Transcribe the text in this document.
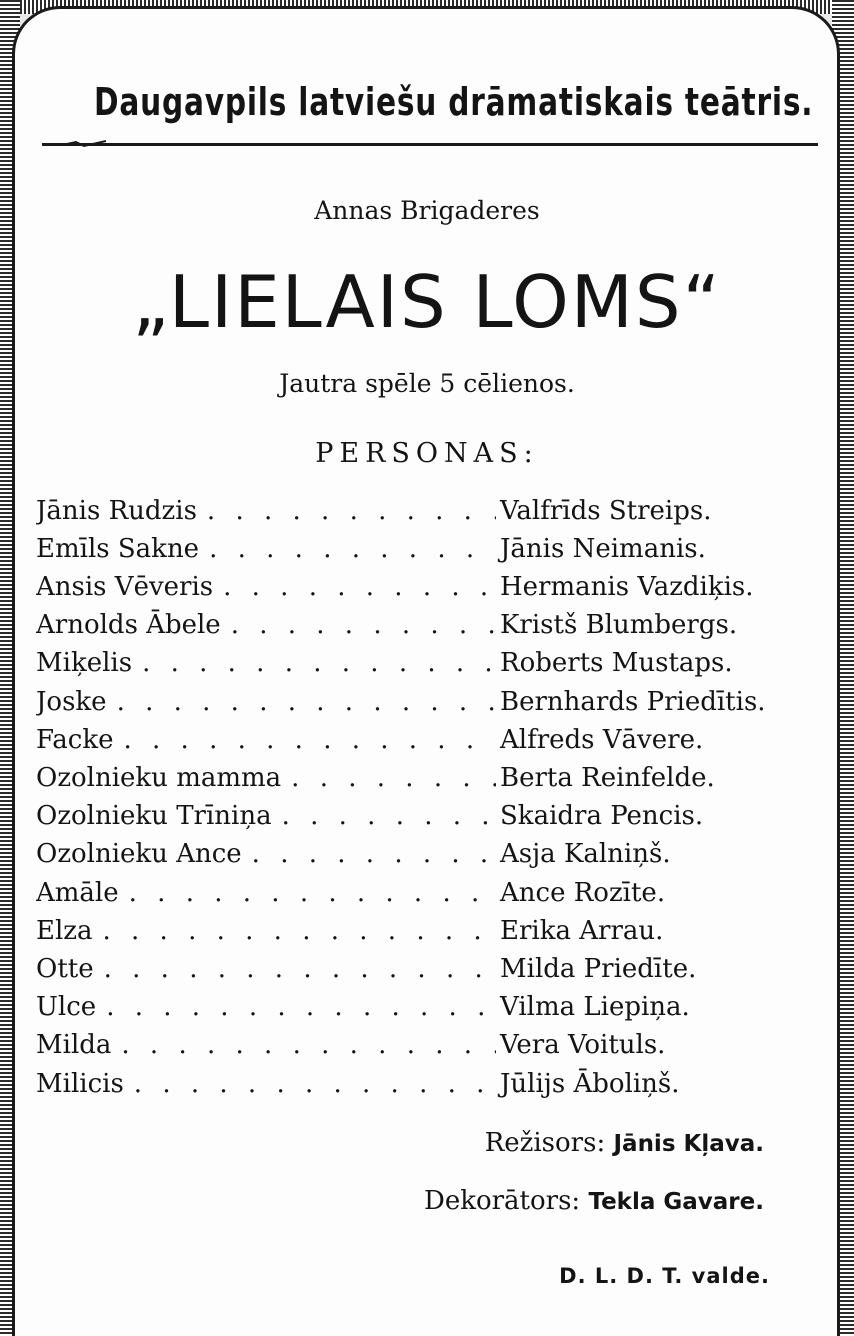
Daugavpils latviešu drāmatiskais teātris.
Annas Brigaderes
„LIELAIS LOMS“
Jautra spēle 5 cēlienos.
PERSONAS:
Jānis Rudzis . . .	Valfrīds Streips.
Emīls Sakne . . .	Jānis Neimanis.
Ansis Vēveris . . .	Hermanis Vazdiķis.
Arnolds Ābele . . .	Kristš Blumbergs.
Miķelis . . .	Roberts Mustaps.
Joske . . .	Bernhards Priedītis.
Facke . . .	Alfreds Vāvere.
Ozolnieku mamma . . .	Berta Reinfelde.
Ozolnieku Trīniņa . . .	Skaidra Pencis.
Ozolnieku Ance . . .	Asja Kalniņš.
Amāle . . .	Ance Rozīte.
Elza . . .	Erika Arrau.
Otte . . .	Milda Priedīte.
Ulce . . .	Vilma Liepiņa.
Milda . . .	Vera Voituls.
Milicis . . .	Jūlijs Āboliņš.
Režisors: Jānis Kļava.
Dekorātors: Tekla Gavare.
D. L. D. T. valde.
